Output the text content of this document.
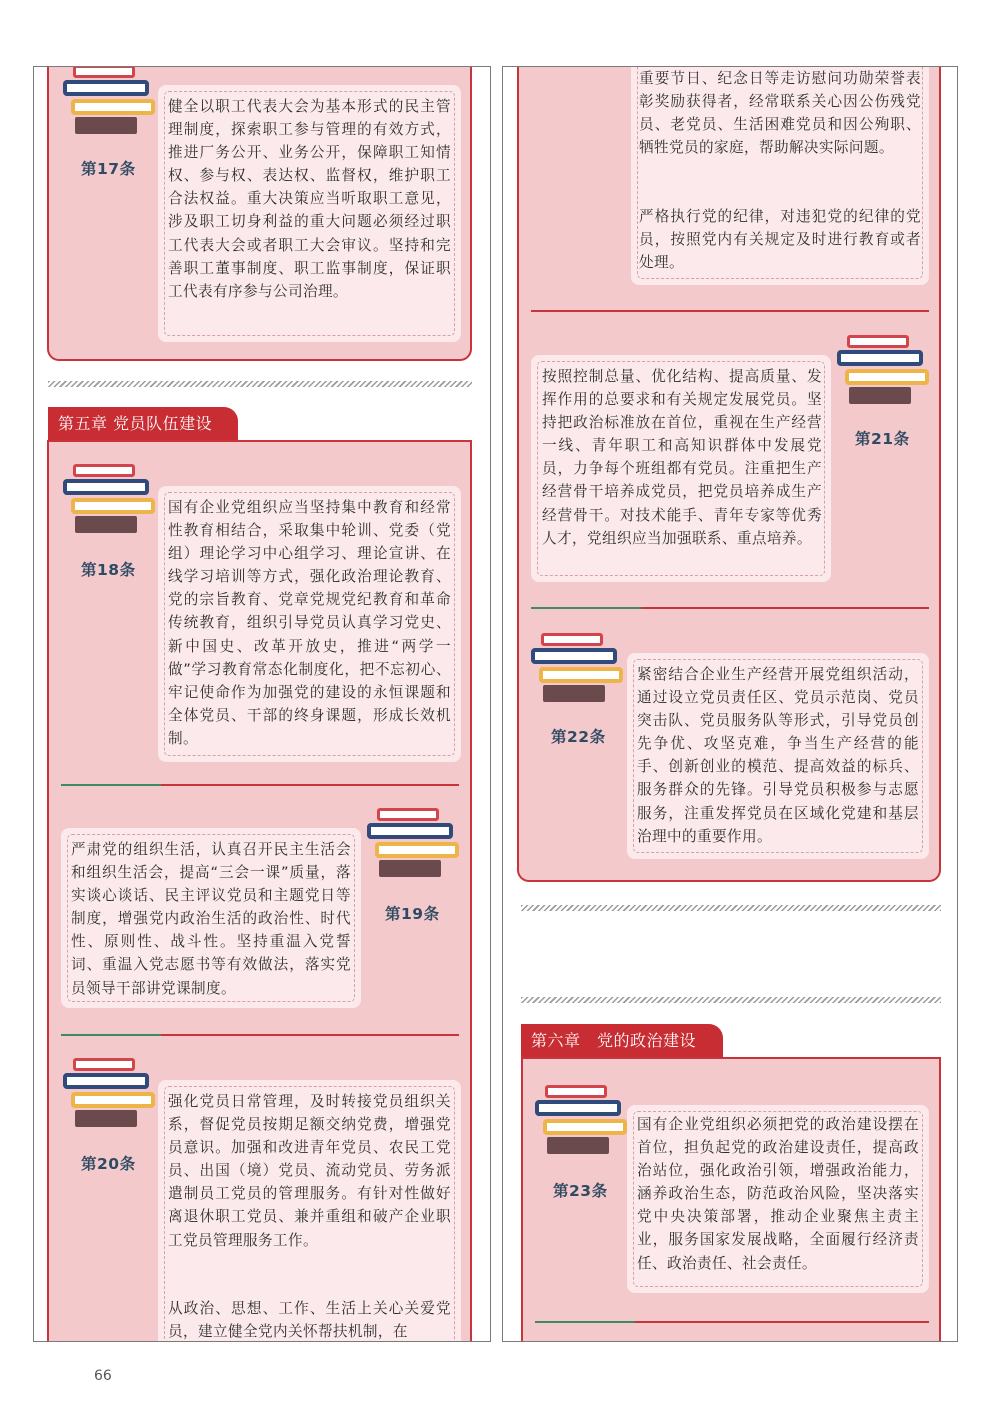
健全以职工代表大会为基本形式的民主管理制度，探索职工参与管理的有效方式，推进厂务公开、业务公开，保障职工知情权、参与权、表达权、监督权，维护职工合法权益。重大决策应当听取职工意见，涉及职工切身利益的重大问题必须经过职工代表大会或者职工大会审议。坚持和完善职工董事制度、职工监事制度，保证职工代表有序参与公司治理。
第17条
第五章 党员队伍建设
国有企业党组织应当坚持集中教育和经常性教育相结合，采取集中轮训、党委（党组）理论学习中心组学习、理论宣讲、在线学习培训等方式，强化政治理论教育、党的宗旨教育、党章党规党纪教育和革命传统教育，组织引导党员认真学习党史、新中国史、改革开放史，推进“两学一做”学习教育常态化制度化，把不忘初心、牢记使命作为加强党的建设的永恒课题和全体党员、干部的终身课题，形成长效机制。
第18条
严肃党的组织生活，认真召开民主生活会和组织生活会，提高“三会一课”质量，落实谈心谈话、民主评议党员和主题党日等制度，增强党内政治生活的政治性、时代性、原则性、战斗性。坚持重温入党誓词、重温入党志愿书等有效做法，落实党员领导干部讲党课制度。
第19条
强化党员日常管理，及时转接党员组织关系，督促党员按期足额交纳党费，增强党员意识。加强和改进青年党员、农民工党员、出国（境）党员、流动党员、劳务派遣制员工党员的管理服务。有针对性做好离退休职工党员、兼并重组和破产企业职工党员管理服务工作。
从政治、思想、工作、生活上关心关爱党员，建立健全党内关怀帮扶机制，在
第20条
重要节日、纪念日等走访慰问功勋荣誉表彰奖励获得者，经常联系关心因公伤残党员、老党员、生活困难党员和因公殉职、牺牲党员的家庭，帮助解决实际问题。
严格执行党的纪律，对违犯党的纪律的党员，按照党内有关规定及时进行教育或者处理。
按照控制总量、优化结构、提高质量、发挥作用的总要求和有关规定发展党员。坚持把政治标准放在首位，重视在生产经营一线、青年职工和高知识群体中发展党员，力争每个班组都有党员。注重把生产经营骨干培养成党员，把党员培养成生产经营骨干。对技术能手、青年专家等优秀人才，党组织应当加强联系、重点培养。
第21条
紧密结合企业生产经营开展党组织活动，通过设立党员责任区、党员示范岗、党员突击队、党员服务队等形式，引导党员创先争优、攻坚克难，争当生产经营的能手、创新创业的模范、提高效益的标兵、服务群众的先锋。引导党员积极参与志愿服务，注重发挥党员在区域化党建和基层治理中的重要作用。
第22条
第六章　党的政治建设
国有企业党组织必须把党的政治建设摆在首位，担负起党的政治建设责任，提高政治站位，强化政治引领，增强政治能力，涵养政治生态，防范政治风险，坚决落实党中央决策部署，推动企业聚焦主责主业，服务国家发展战略，全面履行经济责任、政治责任、社会责任。
第23条
66
